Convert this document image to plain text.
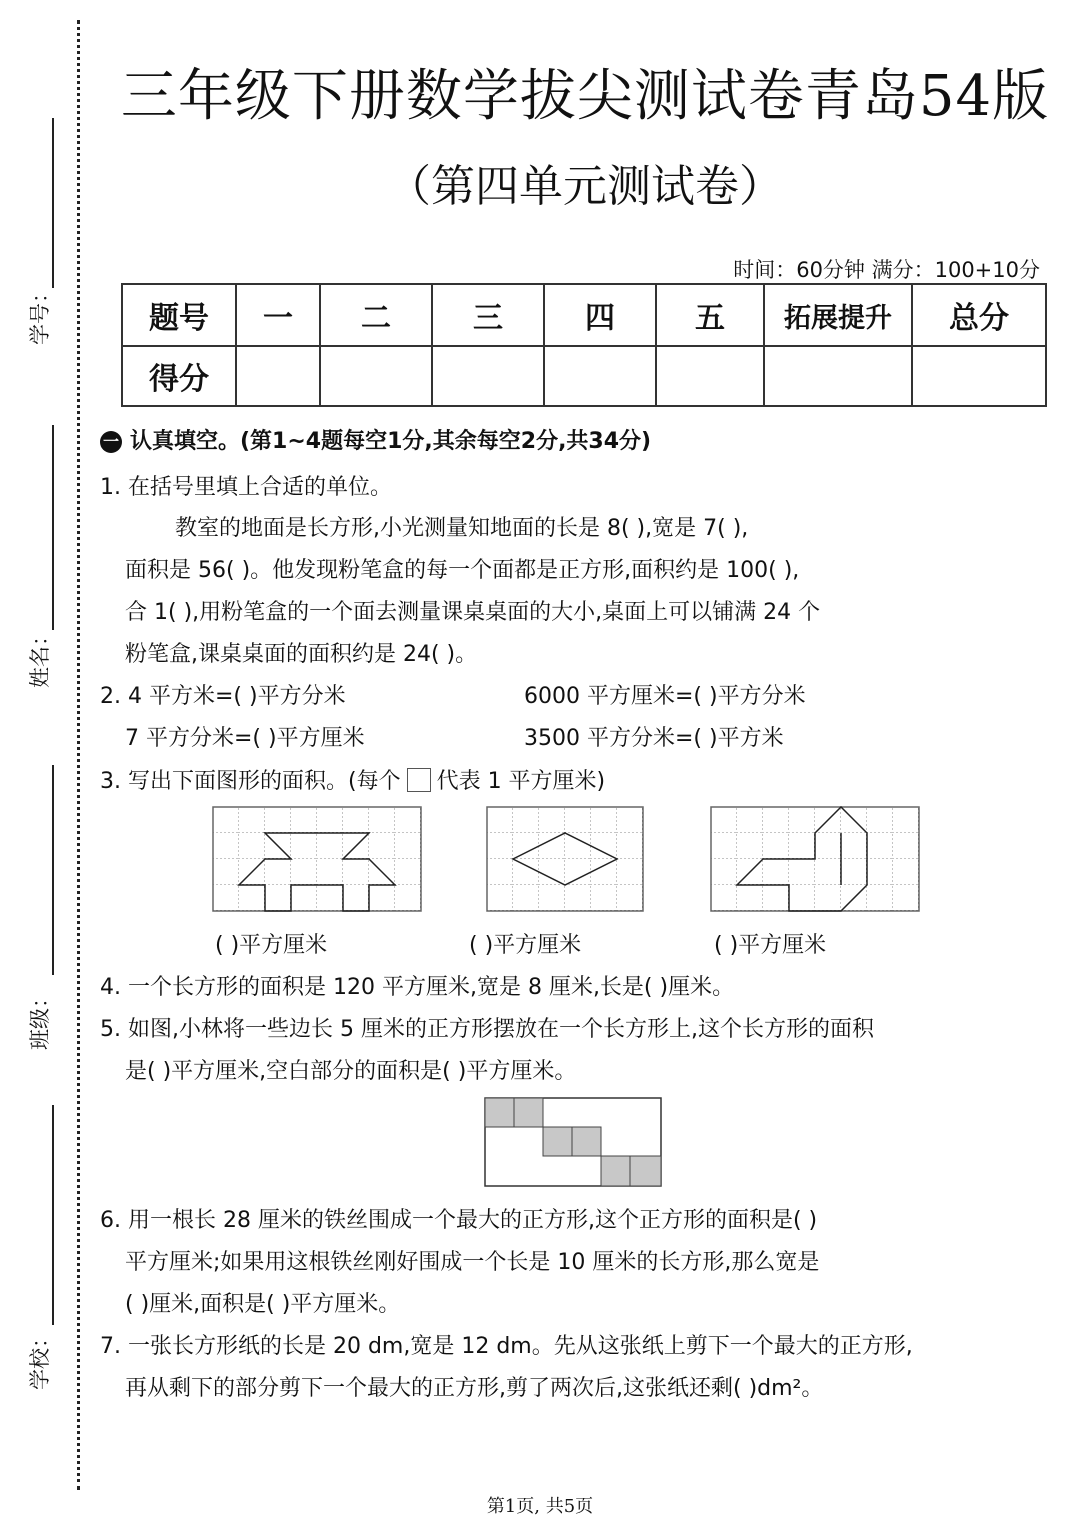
学号：
姓名：
班级：
学校：
三年级下册数学拔尖测试卷青岛54版
（第四单元测试卷）
时间：60分钟 满分：100+10分
题号	一	二	三	四	五	拓展提升	总分
得分							
一 认真填空。(第1~4题每空1分,其余每空2分,共34分)
1. 在括号里填上合适的单位。
教室的地面是长方形,小光测量知地面的长是 8( ),宽是 7( ),
面积是 56( )。他发现粉笔盒的每一个面都是正方形,面积约是 100( ),
合 1( ),用粉笔盒的一个面去测量课桌桌面的大小,桌面上可以铺满 24 个
粉笔盒,课桌桌面的面积约是 24( )。
2. 4 平方米=( )平方分米	6000 平方厘米=( )平方分米
7 平方分米=( )平方厘米	3500 平方分米=( )平方米
3. 写出下面图形的面积。(每个 代表 1 平方厘米)
( )平方厘米	( )平方厘米	( )平方厘米
4. 一个长方形的面积是 120 平方厘米,宽是 8 厘米,长是( )厘米。
5. 如图,小林将一些边长 5 厘米的正方形摆放在一个长方形上,这个长方形的面积
是( )平方厘米,空白部分的面积是( )平方厘米。
6. 用一根长 28 厘米的铁丝围成一个最大的正方形,这个正方形的面积是( )
平方厘米;如果用这根铁丝刚好围成一个长是 10 厘米的长方形,那么宽是
( )厘米,面积是( )平方厘米。
7. 一张长方形纸的长是 20 dm,宽是 12 dm。先从这张纸上剪下一个最大的正方形,
再从剩下的部分剪下一个最大的正方形,剪了两次后,这张纸还剩( )dm²。
第1页, 共5页
